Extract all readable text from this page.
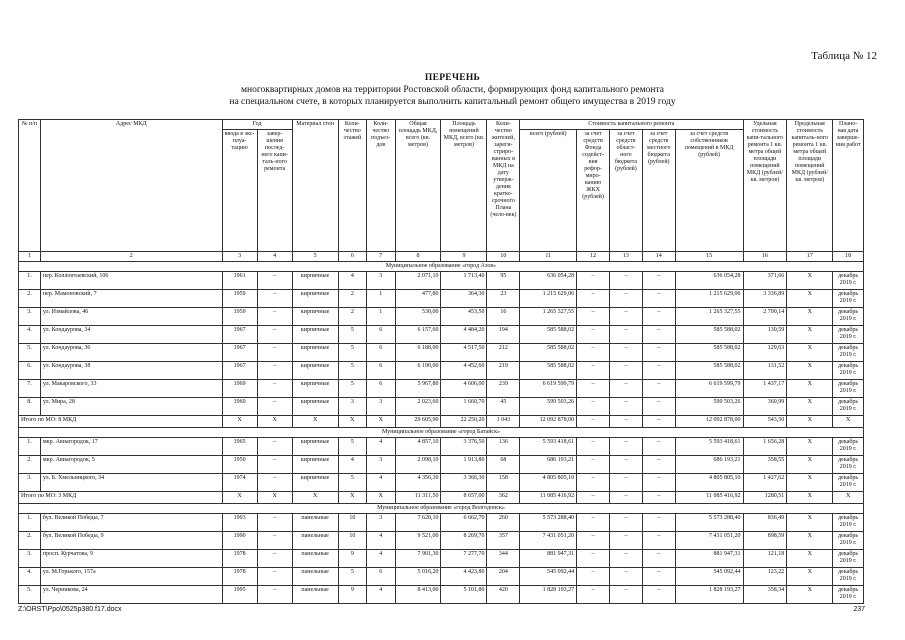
Таблица № 12
ПЕРЕЧЕНЬ
многоквартирных домов на территории Ростовской области, формирующих фонд капитального ремонта
на специальном счете, в которых планируется выполнить капитальный ремонт общего имущества в 2019 году
№ п/п	Адрес МКД	Год		Материал стен	Коли-чество этажей	Коли-чество подъез-дов	Общая площадь МКД, всего (кв. метров)	Площадь помещений МКД, всего (кв. метров)	Коли-чество жителей, зареги-стриро-ванных в МКД на дату утверж-дения кратко-срочного Плана (чело-век)	Стоимость капитального ремонта					Удельная стоимость капи-тального ремонта 1 кв. метра общей площади помещений МКД (рублей/ кв. метров)	Предельная стоимость капиталь-ного ремонта 1 кв. метра общей площади помещений МКД (рублей/ кв. метров)	Плано-вая дата заверше-ния работ
		ввода в экс-плуа-тацию	завер-шения послед-него капи-таль-ного ремонта							всего (рублей)	за счет средств Фонда содейст-вия рефор-миро-ванию ЖКХ (рублей)	за счет средств област-ного бюджета (рублей)	за счет средств местного бюджета (рублей)	за счет средств собственников помещений в МКД (рублей)			
1	2	3	4	5	6	7	8	9	10	11	12	13	14	15	16	17	18
Муниципальное образование «город Азов»																	
1.	пер. Коллонтаевский, 106	1961	–	кирпичные	4	3	2 071,10	1 713,40	95	636 054,28	–	–	–	636 054,28	371,66	Х	декабрь 2019 г.
2.	пер. Мамоновский, 7	1959	–	кирпичные	2	1	477,80	364,30	23	1 215 629,06	–	–	–	1 215 629,06	3 336,89	Х	декабрь 2019 г.
3.	ул. Измайлова, 46	1959	–	кирпичные	2	1	530,00	453,50	16	1 265 327,55	–	–	–	1 265 327,55	2 790,14	Х	декабрь 2019 г.
4.	ул. Кондаурова, 34	1967	–	кирпичные	5	6	6 157,60	4 484,20	194	585 588,02	–	–	–	585 588,02	130,59	Х	декабрь 2019 г.
5.	ул. Кондаурова, 36	1967	–	кирпичные	5	6	6 188,00	4 517,50	212	585 588,02	–	–	–	585 588,02	129,63	Х	декабрь 2019 г.
6.	ул. Кондаурова, 38	1967	–	кирпичные	5	6	6 190,00	4 452,60	219	585 588,02	–	–	–	585 588,02	131,52	Х	декабрь 2019 г.
7.	ул. Макаровского, 33	1969	–	кирпичные	5	6	5 967,80	4 606,00	239	6 619 599,79	–	–	–	6 619 599,79	1 437,17	Х	декабрь 2019 г.
8.	ул. Мира, 28	1960	–	кирпичные	3	3	2 023,60	1 660,70	45	599 503,26	–	–	–	599 503,26	360,99	Х	декабрь 2019 г.
Итого по МО: 8 МКД		Х	Х	Х	Х	Х	29 605,90	22 250,20	1 043	12 092 878,00	–	–	–	12 092 878,00	543,50	Х	Х
Муниципальное образование «город Батайск»																	
1.	мкр. Авиагородок, 17	1965	–	кирпичные	5	4	4 857,10	3 376,50	136	5 593 418,61	–	–	–	5 593 418,61	1 656,28	Х	декабрь 2019 г.
2.	мкр. Авиагородок, 5	1950	–	кирпичные	4	3	2 098,10	1 913,80	68	686 193,21	–	–	–	686 193,21	358,55	Х	декабрь 2019 г.
3.	ул. Б. Хмельницкого, 34	1974	–	кирпичные	5	4	4 356,30	3 366,30	158	4 805 805,10	–	–	–	4 805 805,10	1 427,62	Х	декабрь 2019 г.
Итого по МО: 3 МКД		Х	Х	Х	Х	Х	11 311,50	8 657,00	362	11 085 416,92	–	–	–	11 085 416,92	1280,51	Х	Х
Муниципальное образование «город Волгодонск»																	
1.	бул. Великой Победы, 7	1993	–	панельные	10	3	7 620,10	6 662,70	260	5 573 288,40	–	–	–	5 573 288,40	836,49	Х	декабрь 2019 г.
2.	бул. Великой Победы, 9	1990	–	панельные	10	4	9 521,00	8 269,70	357	7 431 051,20	–	–	–	7 431 051,20	898,59	Х	декабрь 2019 г.
3.	просп. Курчатова, 9	1978	–	панельные	9	4	7 901,30	7 277,70	344	881 947,31	–	–	–	881 947,31	121,18	Х	декабрь 2019 г.
4.	ул. М.Горького, 157а	1978	–	панельные	5	6	5 016,20	4 423,80	204	545 092,44	–	–	–	545 092,44	123,22	Х	декабрь 2019 г.
5.	ул. Черникова, 24	1995	–	панельные	9	4	8 413,00	5 101,80	420	1 828 193,27	–	–	–	1 828 193,27	358,34	Х	декабрь 2019 г.
Z:\ORST\Ppo\0525p380.f17.docx	237
